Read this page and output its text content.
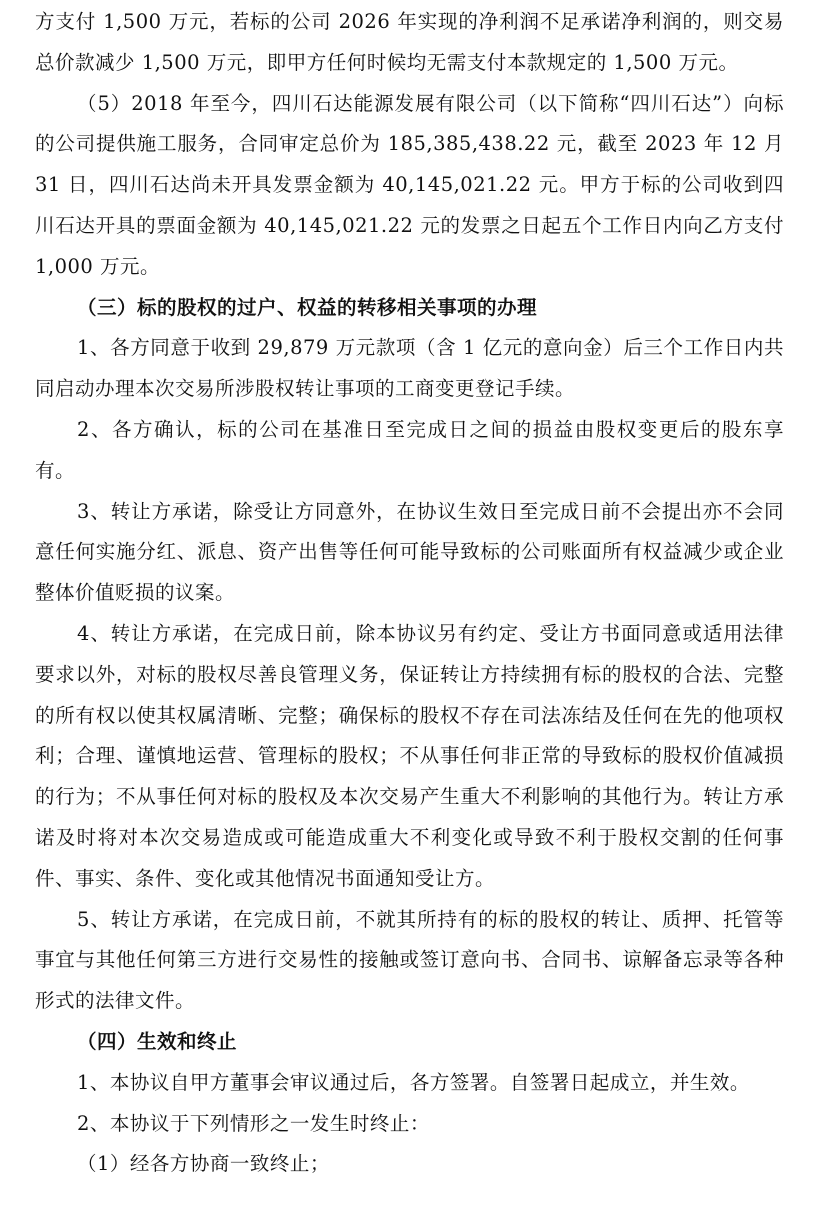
方支付 1,500 万元，若标的公司 2026 年实现的净利润不足承诺净利润的，则交易总价款减少 1,500 万元，即甲方任何时候均无需支付本款规定的 1,500 万元。

（5）2018 年至今，四川石达能源发展有限公司（以下简称“四川石达”）向标的公司提供施工服务，合同审定总价为 185,385,438.22 元，截至 2023 年 12 月 31 日，四川石达尚未开具发票金额为 40,145,021.22 元。甲方于标的公司收到四川石达开具的票面金额为 40,145,021.22 元的发票之日起五个工作日内向乙方支付 1,000 万元。

（三）标的股权的过户、权益的转移相关事项的办理

1、各方同意于收到 29,879 万元款项（含 1 亿元的意向金）后三个工作日内共同启动办理本次交易所涉股权转让事项的工商变更登记手续。

2、各方确认，标的公司在基准日至完成日之间的损益由股权变更后的股东享有。

3、转让方承诺，除受让方同意外，在协议生效日至完成日前不会提出亦不会同意任何实施分红、派息、资产出售等任何可能导致标的公司账面所有权益减少或企业整体价值贬损的议案。

4、转让方承诺，在完成日前，除本协议另有约定、受让方书面同意或适用法律要求以外，对标的股权尽善良管理义务，保证转让方持续拥有标的股权的合法、完整的所有权以使其权属清晰、完整；确保标的股权不存在司法冻结及任何在先的他项权利；合理、谨慎地运营、管理标的股权；不从事任何非正常的导致标的股权价值减损的行为；不从事任何对标的股权及本次交易产生重大不利影响的其他行为。转让方承诺及时将对本次交易造成或可能造成重大不利变化或导致不利于股权交割的任何事件、事实、条件、变化或其他情况书面通知受让方。

5、转让方承诺，在完成日前，不就其所持有的标的股权的转让、质押、托管等事宜与其他任何第三方进行交易性的接触或签订意向书、合同书、谅解备忘录等各种形式的法律文件。

（四）生效和终止

1、本协议自甲方董事会审议通过后，各方签署。自签署日起成立，并生效。

2、本协议于下列情形之一发生时终止：

（1）经各方协商一致终止；
